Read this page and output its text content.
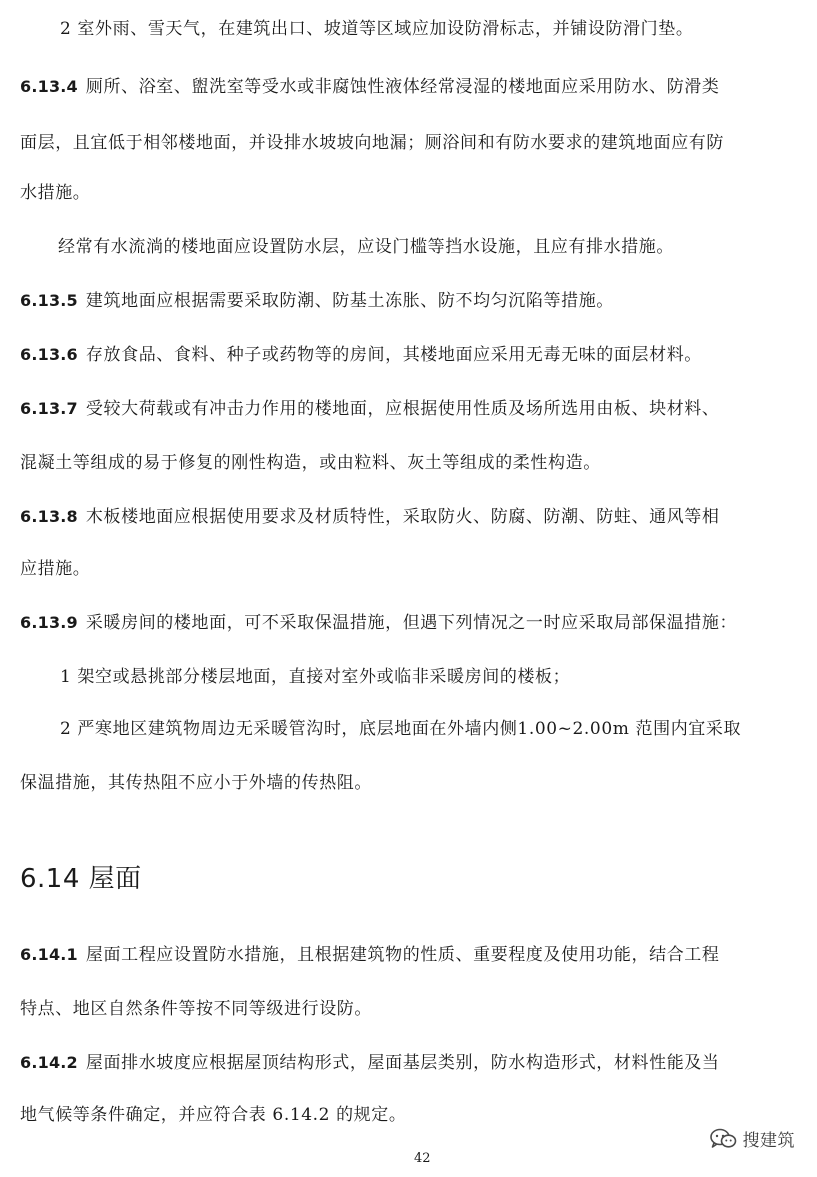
2 室外雨、雪天气，在建筑出口、坡道等区域应加设防滑标志，并铺设防滑门垫。
6.13.4 厕所、浴室、盥洗室等受水或非腐蚀性液体经常浸湿的楼地面应采用防水、防滑类
面层，且宜低于相邻楼地面，并设排水坡坡向地漏；厕浴间和有防水要求的建筑地面应有防
水措施。
经常有水流淌的楼地面应设置防水层，应设门槛等挡水设施，且应有排水措施。
6.13.5 建筑地面应根据需要采取防潮、防基土冻胀、防不均匀沉陷等措施。
6.13.6 存放食品、食料、种子或药物等的房间，其楼地面应采用无毒无味的面层材料。
6.13.7 受较大荷载或有冲击力作用的楼地面，应根据使用性质及场所选用由板、块材料、
混凝土等组成的易于修复的刚性构造，或由粒料、灰土等组成的柔性构造。
6.13.8 木板楼地面应根据使用要求及材质特性，采取防火、防腐、防潮、防蛀、通风等相
应措施。
6.13.9 采暖房间的楼地面，可不采取保温措施，但遇下列情况之一时应采取局部保温措施：
1 架空或悬挑部分楼层地面，直接对室外或临非采暖房间的楼板；
2 严寒地区建筑物周边无采暖管沟时，底层地面在外墙内侧1.00~2.00m 范围内宜采取
保温措施，其传热阻不应小于外墙的传热阻。
6.14 屋面
6.14.1 屋面工程应设置防水措施，且根据建筑物的性质、重要程度及使用功能，结合工程
特点、地区自然条件等按不同等级进行设防。
6.14.2 屋面排水坡度应根据屋顶结构形式，屋面基层类别，防水构造形式，材料性能及当
地气候等条件确定，并应符合表 6.14.2 的规定。
42
搜建筑
